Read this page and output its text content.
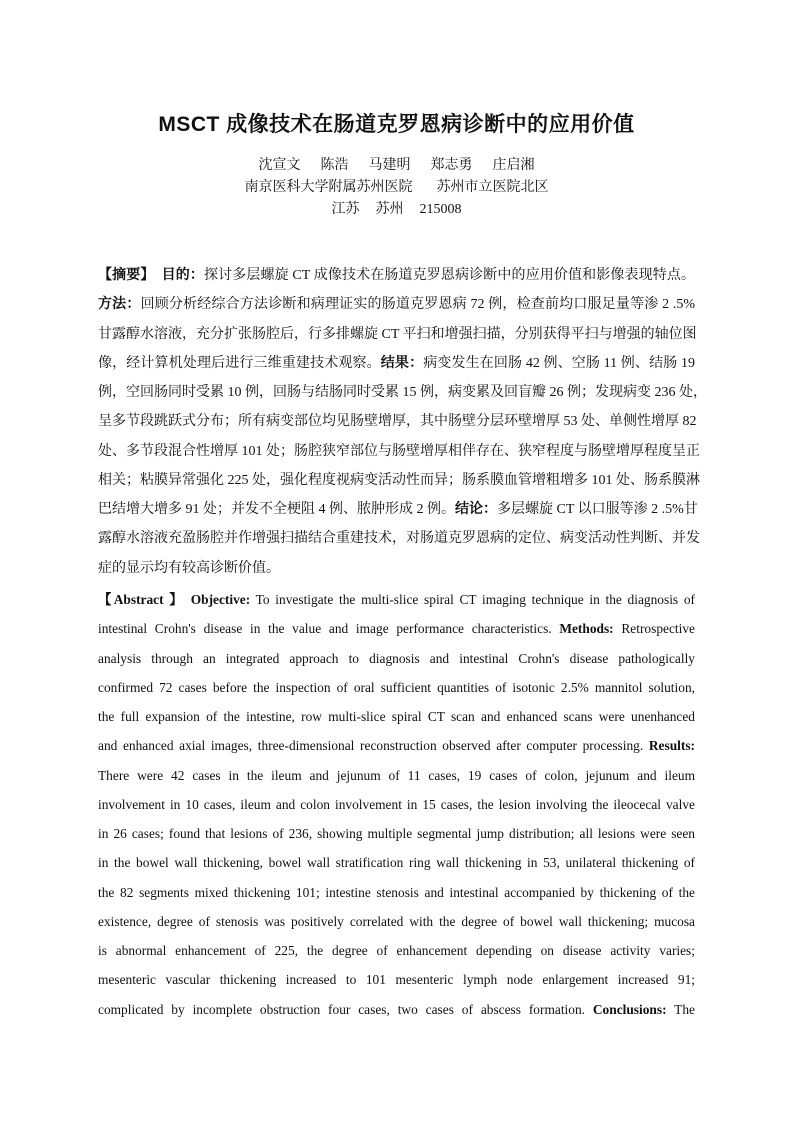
MSCT 成像技术在肠道克罗恩病诊断中的应用价值
沈宣文 陈浩 马建明 郑志勇 庄启湘
南京医科大学附属苏州医院 苏州市立医院北区
江苏 苏州 215008
【摘要】　目的：探讨多层螺旋 CT 成像技术在肠道克罗恩病诊断中的应用价值和影像表现特点。
方法：回顾分析经综合方法诊断和病理证实的肠道克罗恩病 72 例，检查前均口服足量等渗 2 .5%
甘露醇水溶液，充分扩张肠腔后，行多排螺旋 CT 平扫和增强扫描，分别获得平扫与增强的轴位图
像，经计算机处理后进行三维重建技术观察。结果：病变发生在回肠 42 例、空肠 11 例、结肠 19
例，空回肠同时受累 10 例，回肠与结肠同时受累 15 例，病变累及回盲瓣 26 例；发现病变 236 处，
呈多节段跳跃式分布；所有病变部位均见肠壁增厚，其中肠壁分层环壁增厚 53 处、单侧性增厚 82
处、多节段混合性增厚 101 处；肠腔狭窄部位与肠壁增厚相伴存在、狭窄程度与肠壁增厚程度呈正
相关；粘膜异常强化 225 处，强化程度视病变活动性而异；肠系膜血管增粗增多 101 处、肠系膜淋
巴结增大增多 91 处；并发不全梗阻 4 例、脓肿形成 2 例。结论：多层螺旋 CT 以口服等渗 2 .5%甘
露醇水溶液充盈肠腔并作增强扫描结合重建技术，对肠道克罗恩病的定位、病变活动性判断、并发
症的显示均有较高诊断价值。
【Abstract 】 Objective: To investigate the multi-slice spiral CT imaging technique in the diagnosis of
intestinal Crohn's disease in the value and image performance characteristics. Methods: Retrospective
analysis through an integrated approach to diagnosis and intestinal Crohn's disease pathologically
confirmed 72 cases before the inspection of oral sufficient quantities of isotonic 2.5% mannitol solution,
the full expansion of the intestine, row multi-slice spiral CT scan and enhanced scans were unenhanced
and enhanced axial images, three-dimensional reconstruction observed after computer processing. Results:
There were 42 cases in the ileum and jejunum of 11 cases, 19 cases of colon, jejunum and ileum
involvement in 10 cases, ileum and colon involvement in 15 cases, the lesion involving the ileocecal valve
in 26 cases; found that lesions of 236, showing multiple segmental jump distribution; all lesions were seen
in the bowel wall thickening, bowel wall stratification ring wall thickening in 53, unilateral thickening of
the 82 segments mixed thickening 101; intestine stenosis and intestinal accompanied by thickening of the
existence, degree of stenosis was positively correlated with the degree of bowel wall thickening; mucosa
is abnormal enhancement of 225, the degree of enhancement depending on disease activity varies;
mesenteric vascular thickening increased to 101 mesenteric lymph node enlargement increased 91;
complicated by incomplete obstruction four cases, two cases of abscess formation. Conclusions: The
